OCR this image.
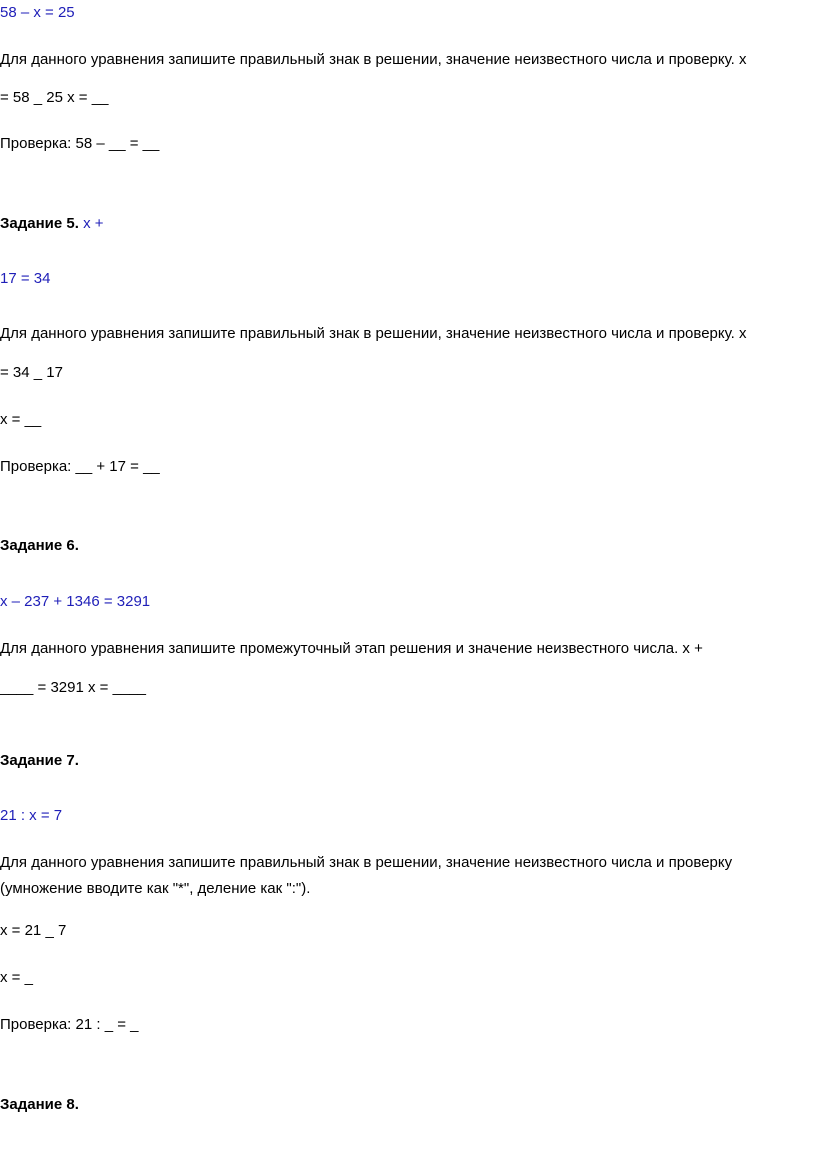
58 – x = 25
Для данного уравнения запишите правильный знак в решении, значение неизвестного числа и проверку. x
= 58 _ 25 x = __
Проверка: 58 – __ = __
Задание 5. x +
17 = 34
Для данного уравнения запишите правильный знак в решении, значение неизвестного числа и проверку. x
= 34 _ 17
x = __
Проверка: __ + 17 = __
Задание 6.
x – 237 + 1346 = 3291
Для данного уравнения запишите промежуточный этап решения и значение неизвестного числа. x +
____ = 3291 x = ____
Задание 7.
21 : x = 7
Для данного уравнения запишите правильный знак в решении, значение неизвестного числа и проверку
(умножение вводите как "*", деление как ":").
x = 21 _ 7
x = _
Проверка: 21 : _ = _
Задание 8.
